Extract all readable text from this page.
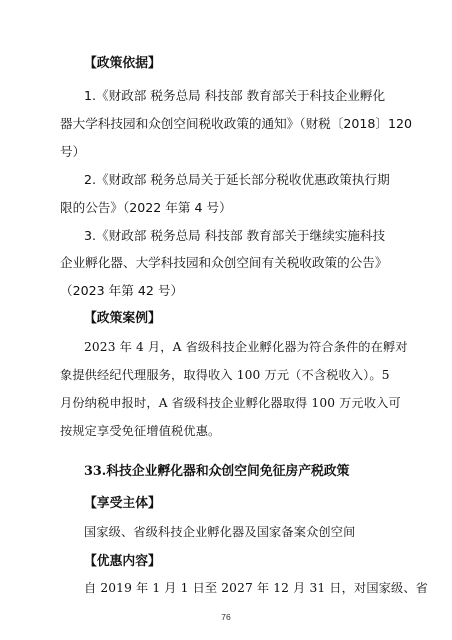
【政策依据】
1.《财政部 税务总局 科技部 教育部关于科技企业孵化
器大学科技园和众创空间税收政策的通知》（财税〔2018〕120
号）
2.《财政部 税务总局关于延长部分税收优惠政策执行期
限的公告》（2022 年第 4 号）
3.《财政部 税务总局 科技部 教育部关于继续实施科技
企业孵化器、大学科技园和众创空间有关税收政策的公告》
（2023 年第 42 号）
【政策案例】
2023 年 4 月，A 省级科技企业孵化器为符合条件的在孵对
象提供经纪代理服务，取得收入 100 万元（不含税收入）。5
月份纳税申报时，A 省级科技企业孵化器取得 100 万元收入可
按规定享受免征增值税优惠。
33.科技企业孵化器和众创空间免征房产税政策
【享受主体】
国家级、省级科技企业孵化器及国家备案众创空间
【优惠内容】
自 2019 年 1 月 1 日至 2027 年 12 月 31 日，对国家级、省
76
